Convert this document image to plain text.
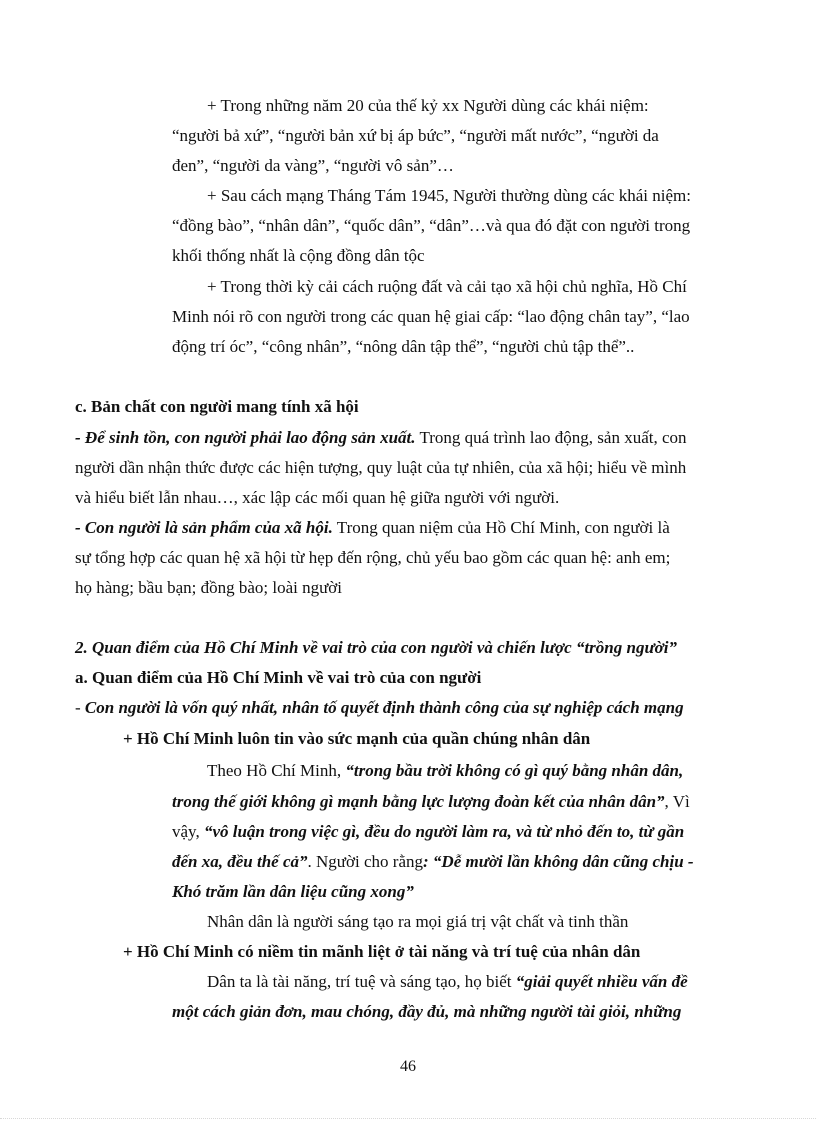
+ Trong những năm 20 của thế kỷ xx Người dùng các khái niệm:

“người bả xứ”, “người bản xứ bị áp bức”, “người mất nước”, “người da

đen”, “người da vàng”, “người vô sản”…

+ Sau cách mạng Tháng Tám 1945, Người thường dùng các khái niệm:

“đồng bào”, “nhân dân”, “quốc dân”, “dân”…và qua đó đặt con người trong

khối thống nhất là cộng đồng dân tộc

+ Trong thời kỳ cải cách ruộng đất và cải tạo xã hội chủ nghĩa, Hồ Chí

Minh nói rõ con người trong các quan hệ giai cấp: “lao động chân tay”, “lao

động trí óc”, “công nhân”, “nông dân tập thể”, “người chủ tập thể”..

c. Bản chất con người mang tính xã hội

- Để sinh tồn, con người phải lao động sản xuất. Trong quá trình lao động, sản xuất, con

người dần nhận thức được các hiện tượng, quy luật của tự nhiên, của xã hội; hiểu về mình

và hiểu biết lẫn nhau…, xác lập các mối quan hệ giữa người với người.

- Con người là sản phẩm của xã hội. Trong quan niệm của Hồ Chí Minh, con người là

sự tổng hợp các quan hệ xã hội từ hẹp đến rộng, chủ yếu bao gồm các quan hệ: anh em;

họ hàng; bầu bạn; đồng bào; loài người

2. Quan điểm của Hồ Chí Minh về vai trò của con người và chiến lược “trồng người”

a. Quan điểm của Hồ Chí Minh về vai trò của con người

- Con người là vốn quý nhất, nhân tố quyết định thành công của sự nghiệp cách mạng

+ Hồ Chí Minh luôn tin vào sức mạnh của quần chúng nhân dân

Theo Hồ Chí Minh, “trong bầu trời không có gì quý bằng nhân dân,

trong thế giới không gì mạnh bằng lực lượng đoàn kết của nhân dân”, Vì

vậy, “vô luận trong việc gì, đều do người làm ra, và từ nhỏ đến to, từ gần

đến xa, đều thế cả”. Người cho rằng: “Dễ mười lần không dân cũng chịu -

Khó trăm lần dân liệu cũng xong”

Nhân dân là người sáng tạo ra mọi giá trị vật chất và tinh thần

+ Hồ Chí Minh có niềm tin mãnh liệt ở tài năng và trí tuệ của nhân dân

Dân ta là tài năng, trí tuệ và sáng tạo, họ biết “giải quyết nhiều vấn đề

một cách giản đơn, mau chóng, đầy đủ, mà những người tài giỏi, những

46
